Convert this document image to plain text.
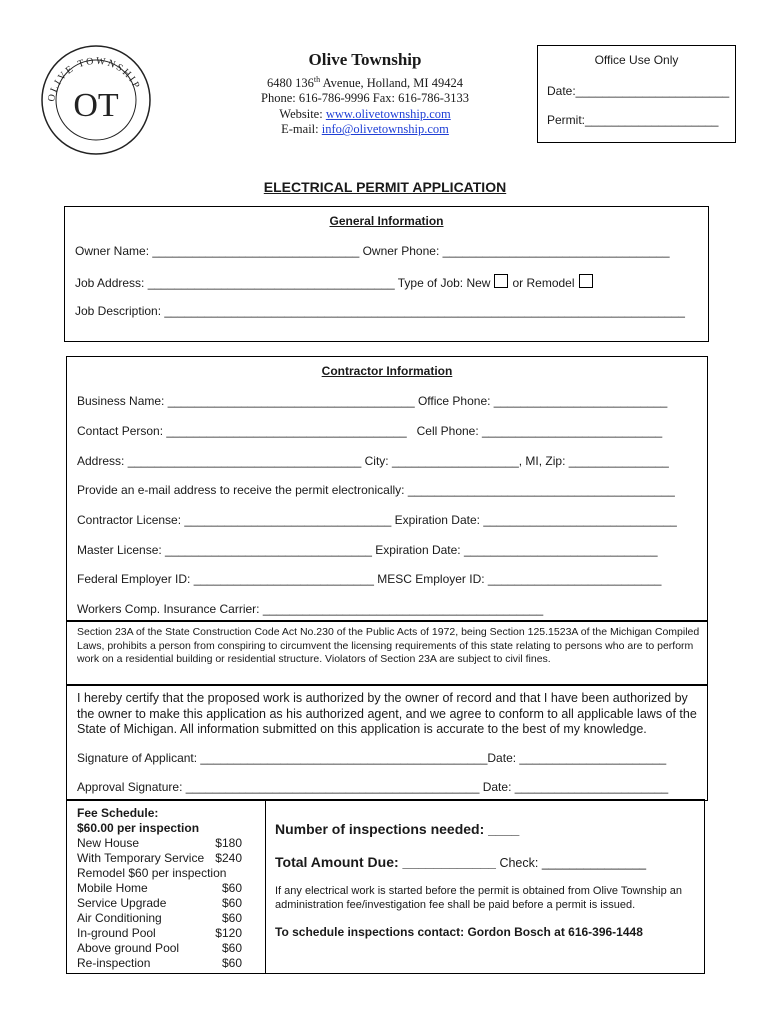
OLIVE TOWNSHIP
OT
Olive Township
6480 136th Avenue, Holland, MI 49424
Phone: 616-786-9996 Fax: 616-786-3133
Website: www.olivetownship.com
E-mail: info@olivetownship.com
Office Use Only
Date:_______________________
Permit:____________________
ELECTRICAL PERMIT APPLICATION
General Information
Owner Name: _______________________________ Owner Phone: __________________________________
Job Address: _____________________________________ Type of Job: New or Remodel
Job Description: ______________________________________________________________________________
Contractor Information
Business Name: _____________________________________ Office Phone: __________________________
Contact Person: ____________________________________   Cell Phone: ___________________________
Address: ___________________________________ City: ___________________, MI, Zip: _______________
Provide an e-mail address to receive the permit electronically: ________________________________________
Contractor License: _______________________________ Expiration Date: _____________________________
Master License: _______________________________ Expiration Date: _____________________________
Federal Employer ID: ___________________________ MESC Employer ID: __________________________
Workers Comp. Insurance Carrier: __________________________________________
Section 23A of the State Construction Code Act No.230 of the Public Acts of 1972, being Section 125.1523A of the Michigan Compiled Laws, prohibits a person from conspiring to circumvent the licensing requirements of this state relating to persons who are to perform work on a residential building or residential structure. Violators of Section 23A are subject to civil fines.
I hereby certify that the proposed work is authorized by the owner of record and that I have been authorized by the owner to make this application as his authorized agent, and we agree to conform to all applicable laws of the State of Michigan. All information submitted on this application is accurate to the best of my knowledge.
Signature of Applicant: ___________________________________________Date: ______________________
Approval Signature: ____________________________________________ Date: _______________________
Fee Schedule:
$60.00 per inspection
New House	$180
With Temporary Service $240
Remodel $60 per inspection
Mobile Home	$60
Service Upgrade	$60
Air Conditioning	$60
In-ground Pool	$120
Above ground Pool	$60
Re-inspection	$60
Number of inspections needed: ____
Total Amount Due: ____________ Check: _______________
If any electrical work is started before the permit is obtained from Olive Township an administration fee/investigation fee shall be paid before a permit is issued.
To schedule inspections contact: Gordon Bosch at 616-396-1448
